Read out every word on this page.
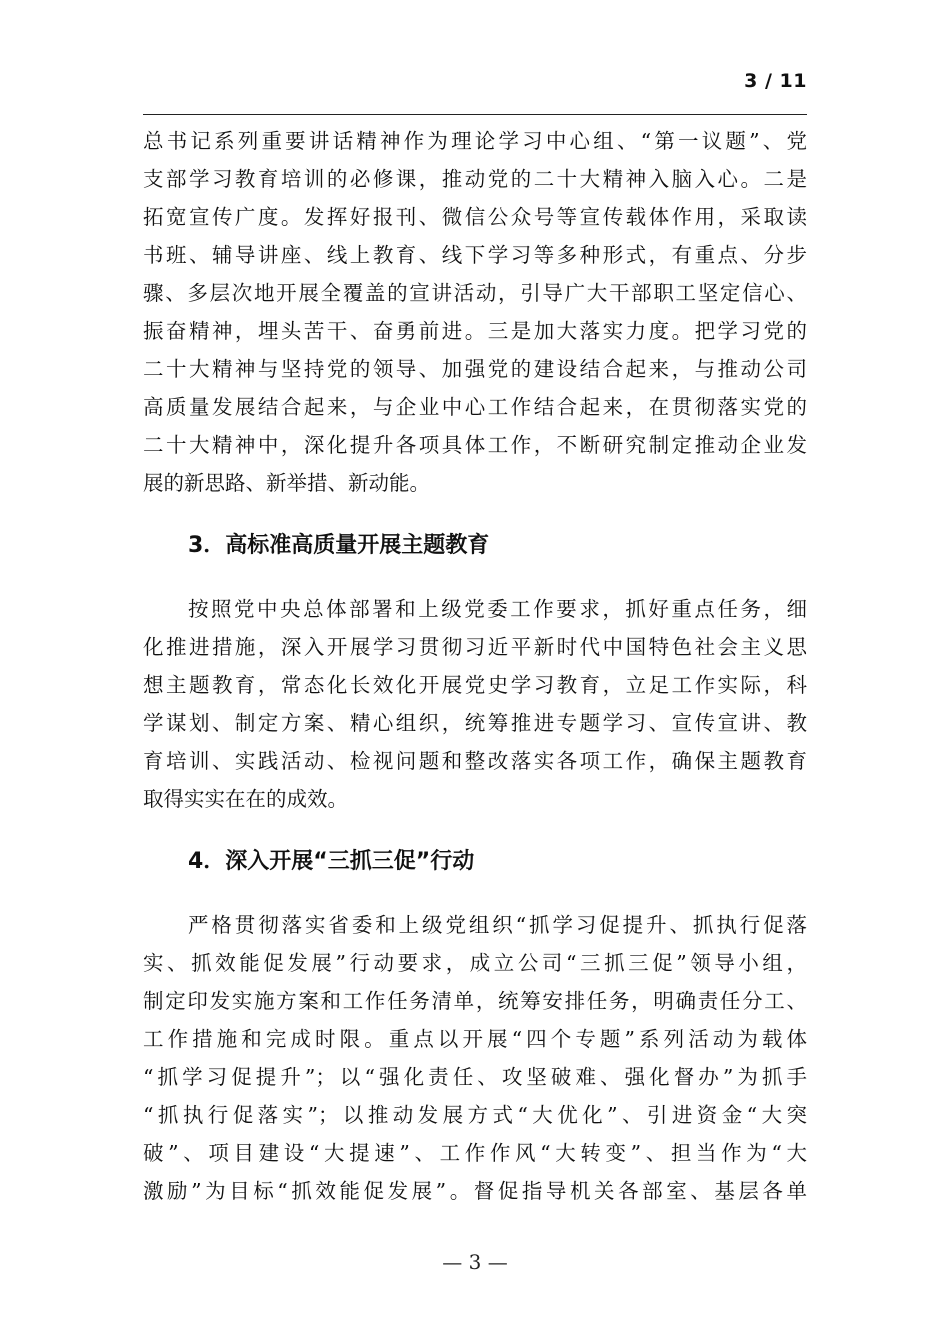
3 / 11
总书记系列重要讲话精神作为理论学习中心组、“第一议题”、党
支部学习教育培训的必修课，推动党的二十大精神入脑入心。二是
拓宽宣传广度。发挥好报刊、微信公众号等宣传载体作用，采取读
书班、辅导讲座、线上教育、线下学习等多种形式，有重点、分步
骤、多层次地开展全覆盖的宣讲活动，引导广大干部职工坚定信心、
振奋精神，埋头苦干、奋勇前进。三是加大落实力度。把学习党的
二十大精神与坚持党的领导、加强党的建设结合起来，与推动公司
高质量发展结合起来，与企业中心工作结合起来，在贯彻落实党的
二十大精神中，深化提升各项具体工作，不断研究制定推动企业发
展的新思路、新举措、新动能。
3．高标准高质量开展主题教育
按照党中央总体部署和上级党委工作要求，抓好重点任务，细
化推进措施，深入开展学习贯彻习近平新时代中国特色社会主义思
想主题教育，常态化长效化开展党史学习教育，立足工作实际，科
学谋划、制定方案、精心组织，统筹推进专题学习、宣传宣讲、教
育培训、实践活动、检视问题和整改落实各项工作，确保主题教育
取得实实在在的成效。
4．深入开展“三抓三促”行动
严格贯彻落实省委和上级党组织“抓学习促提升、抓执行促落
实、抓效能促发展”行动要求，成立公司“三抓三促”领导小组，
制定印发实施方案和工作任务清单，统筹安排任务，明确责任分工、
工作措施和完成时限。重点以开展“四个专题”系列活动为载体
“抓学习促提升”；以“强化责任、攻坚破难、强化督办”为抓手
“抓执行促落实”；以推动发展方式“大优化”、引进资金“大突
破”、项目建设“大提速”、工作作风“大转变”、担当作为“大
激励”为目标“抓效能促发展”。督促指导机关各部室、基层各单
— 3 —
